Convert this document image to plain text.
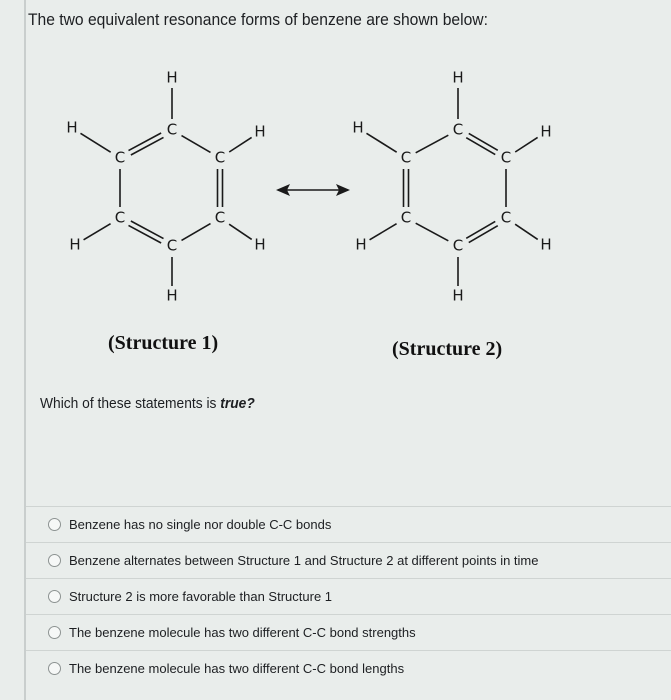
The two equivalent resonance forms of benzene are shown below:
C
H
C
H
C
H
C
H
C
H
C
H	C
H
C
H
C
H
C
H
C
H
C
H
(Structure 1)	(Structure 2)
Which of these statements is true?
Benzene has no single nor double C-C bonds
Benzene alternates between Structure 1 and Structure 2 at different points in time
Structure 2 is more favorable than Structure 1
The benzene molecule has two different C-C bond strengths
The benzene molecule has two different C-C bond lengths
